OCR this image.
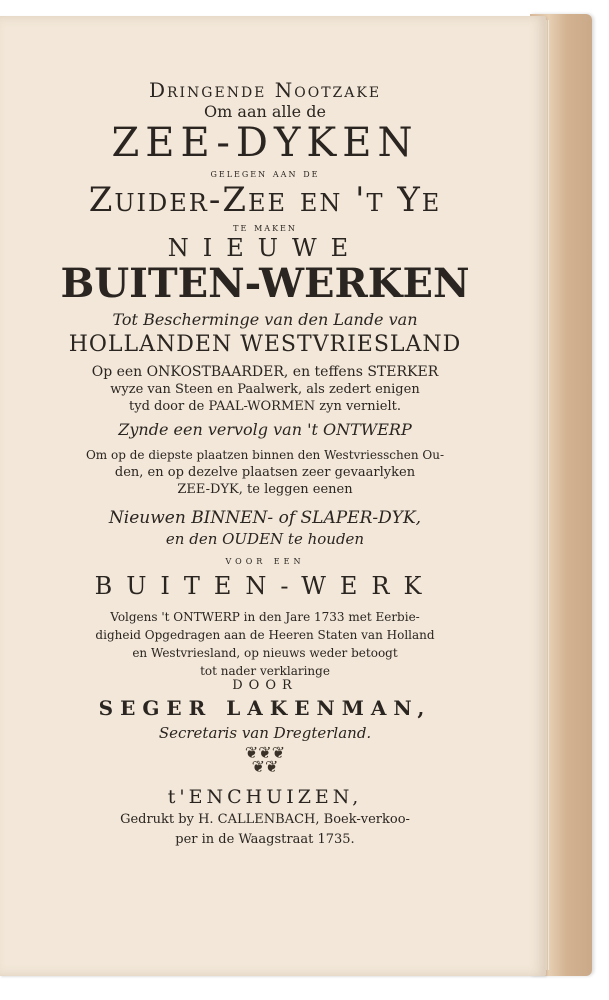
Dringende Nootzake
Om aan alle de
ZEE-DYKEN
gelegen aan de
Zuider-Zee en 't Ye
te maken
NIEUWE
BUITEN-WERKEN
Tot Bescherminge van den Lande van
HOLLANDEN WESTVRIESLAND
Op een ONKOSTBAARDER, en teffens STERKER
wyze van Steen en Paalwerk, als zedert enigen
tyd door de PAAL-WORMEN zyn vernielt.
Zynde een vervolg van 't ONTWERP
Om op de diepste plaatzen binnen den Westvriesschen Ou-
den, en op dezelve plaatsen zeer gevaarlyken
ZEE-DYK, te leggen eenen
Nieuwen BINNEN- of SLAPER-DYK,
en den OUDEN te houden
voor een
BUITEN-WERK
Volgens 't ONTWERP in den Jare 1733 met Eerbie-
digheid Opgedragen aan de Heeren Staten van Holland
en Westvriesland, op nieuws weder betoogt
tot nader verklaringe
DOOR
SEGER LAKENMAN,
Secretaris van Dregterland.
❦❦❦
❦❦
t'ENCHUIZEN,
Gedrukt by H. CALLENBACH, Boek-verkoo-
per in de Waagstraat 1735.
